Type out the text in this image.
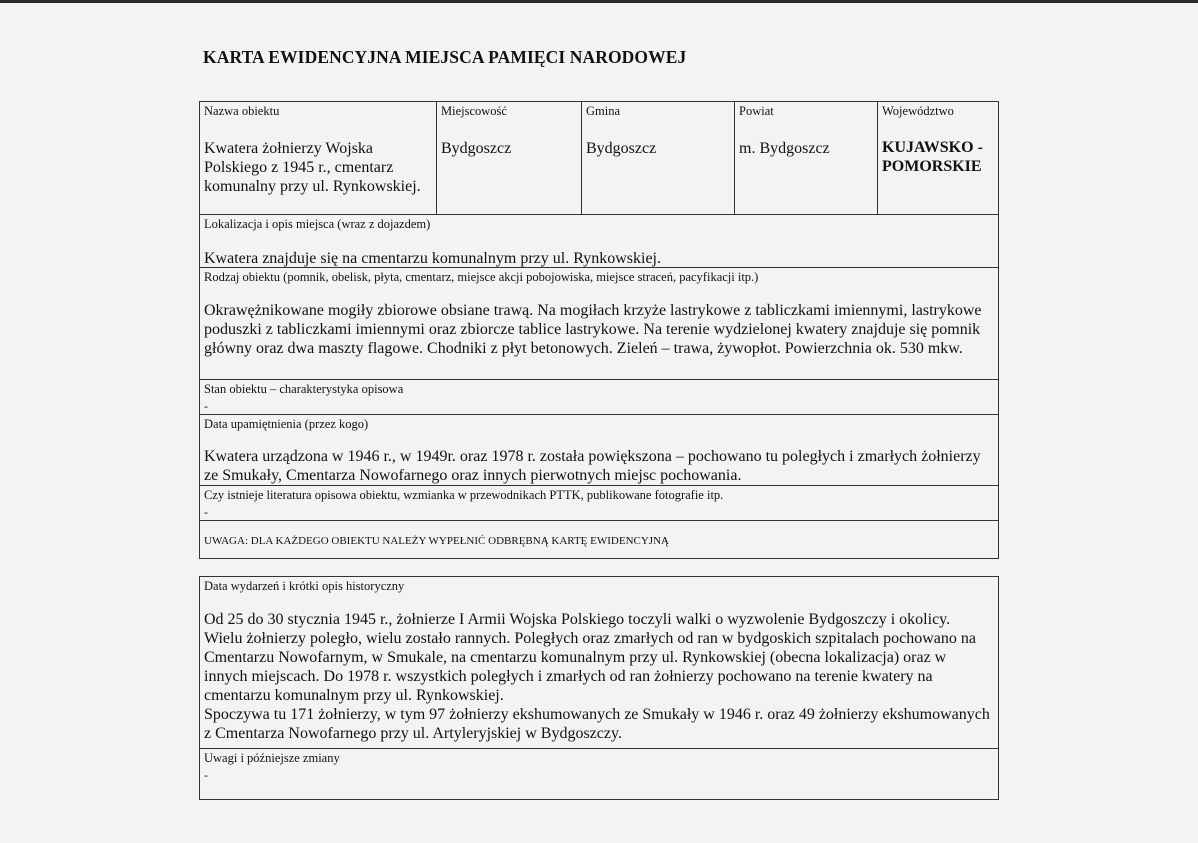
KARTA EWIDENCYJNA MIEJSCA PAMIĘCI NARODOWEJ
Nazwa obiektu
Kwatera żołnierzy Wojska Polskiego z 1945 r., cmentarz komunalny przy ul. Rynkowskiej.
Miejscowość
Bydgoszcz
Gmina
Bydgoszcz
Powiat
m. Bydgoszcz
Województwo
KUJAWSKO - POMORSKIE
Lokalizacja i opis miejsca (wraz z dojazdem)
Kwatera znajduje się na cmentarzu komunalnym przy ul. Rynkowskiej.
Rodzaj obiektu (pomnik, obelisk, płyta, cmentarz, miejsce akcji pobojowiska, miejsce straceń, pacyfikacji itp.)
Okrawężnikowane mogiły zbiorowe obsiane trawą. Na mogiłach krzyże lastrykowe z tabliczkami imiennymi, lastrykowe poduszki z tabliczkami imiennymi oraz zbiorcze tablice lastrykowe. Na terenie wydzielonej kwatery znajduje się pomnik główny oraz dwa maszty flagowe. Chodniki z płyt betonowych. Zieleń – trawa, żywopłot. Powierzchnia ok. 530 mkw.
Stan obiektu – charakterystyka opisowa
-
Data upamiętnienia (przez kogo)
Kwatera urządzona w 1946 r., w 1949r. oraz 1978 r. została powiększona – pochowano tu poległych i zmarłych żołnierzy ze Smukały, Cmentarza Nowofarnego oraz innych pierwotnych miejsc pochowania.
Czy istnieje literatura opisowa obiektu, wzmianka w przewodnikach PTTK, publikowane fotografie itp.
-
UWAGA: DLA KAŻDEGO OBIEKTU NALEŻY WYPEŁNIĆ ODBRĘBNĄ KARTĘ EWIDENCYJNĄ
Data wydarzeń i krótki opis historyczny
Od 25 do 30 stycznia 1945 r., żołnierze I Armii Wojska Polskiego toczyli walki o wyzwolenie Bydgoszczy i okolicy. Wielu żołnierzy poległo, wielu zostało rannych. Poległych oraz zmarłych od ran w bydgoskich szpitalach pochowano na Cmentarzu Nowofarnym, w Smukale, na cmentarzu komunalnym przy ul. Rynkowskiej (obecna lokalizacja) oraz w innych miejscach. Do 1978 r. wszystkich poległych i zmarłych od ran żołnierzy pochowano na terenie kwatery na cmentarzu komunalnym przy ul. Rynkowskiej.
Spoczywa tu 171 żołnierzy, w tym 97 żołnierzy ekshumowanych ze Smukały w 1946 r. oraz 49 żołnierzy ekshumowanych z Cmentarza Nowofarnego przy ul. Artyleryjskiej w Bydgoszczy.
Uwagi i późniejsze zmiany
-
